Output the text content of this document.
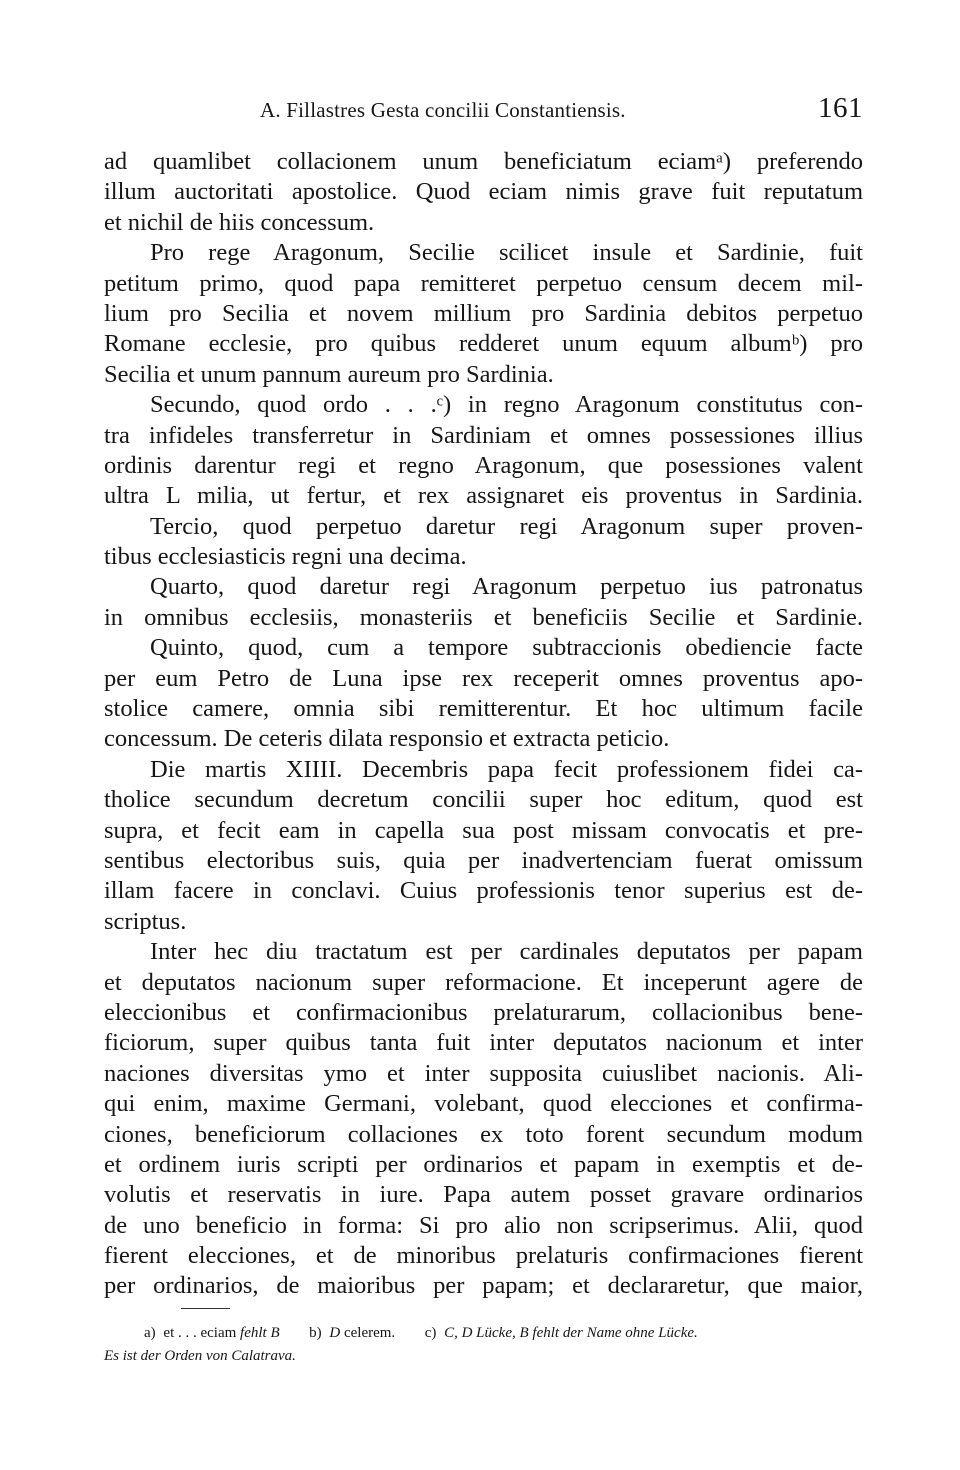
A. Fillastres Gesta concilii Constantiensis.	161
ad quamlibet collacionem unum beneficiatum eciamᵃ) preferendo
illum auctoritati apostolice. Quod eciam nimis grave fuit reputatum
et nichil de hiis concessum.
Pro rege Aragonum, Secilie scilicet insule et Sardinie, fuit
petitum primo, quod papa remitteret perpetuo censum decem mil-
lium pro Secilia et novem millium pro Sardinia debitos perpetuo
Romane ecclesie, pro quibus redderet unum equum albumᵇ) pro
Secilia et unum pannum aureum pro Sardinia.
Secundo, quod ordo . . .ᶜ) in regno Aragonum constitutus con-
tra infideles transferretur in Sardiniam et omnes possessiones illius
ordinis darentur regi et regno Aragonum, que posessiones valent
ultra L milia, ut fertur, et rex assignaret eis proventus in Sardinia.
Tercio, quod perpetuo daretur regi Aragonum super proven-
tibus ecclesiasticis regni una decima.
Quarto, quod daretur regi Aragonum perpetuo ius patronatus
in omnibus ecclesiis, monasteriis et beneficiis Secilie et Sardinie.
Quinto, quod, cum a tempore subtraccionis obediencie facte
per eum Petro de Luna ipse rex receperit omnes proventus apo-
stolice camere, omnia sibi remitterentur. Et hoc ultimum facile
concessum. De ceteris dilata responsio et extracta peticio.
Die martis XIIII. Decembris papa fecit professionem fidei ca-
tholice secundum decretum concilii super hoc editum, quod est
supra, et fecit eam in capella sua post missam convocatis et pre-
sentibus electoribus suis, quia per inadvertenciam fuerat omissum
illam facere in conclavi. Cuius professionis tenor superius est de-
scriptus.
Inter hec diu tractatum est per cardinales deputatos per papam
et deputatos nacionum super reformacione. Et inceperunt agere de
eleccionibus et confirmacionibus prelaturarum, collacionibus bene-
ficiorum, super quibus tanta fuit inter deputatos nacionum et inter
naciones diversitas ymo et inter supposita cuiuslibet nacionis. Ali-
qui enim, maxime Germani, volebant, quod elecciones et confirma-
ciones, beneficiorum collaciones ex toto forent secundum modum
et ordinem iuris scripti per ordinarios et papam in exemptis et de-
volutis et reservatis in iure. Papa autem posset gravare ordinarios
de uno beneficio in forma: Si pro alio non scripserimus. Alii, quod
fierent elecciones, et de minoribus prelaturis confirmaciones fierent
per ordinarios, de maioribus per papam; et declararetur, que maior,
a) et . . . eciam fehlt B b) D celerem. c) C, D Lücke, B fehlt der Name ohne Lücke.
Es ist der Orden von Calatrava.
